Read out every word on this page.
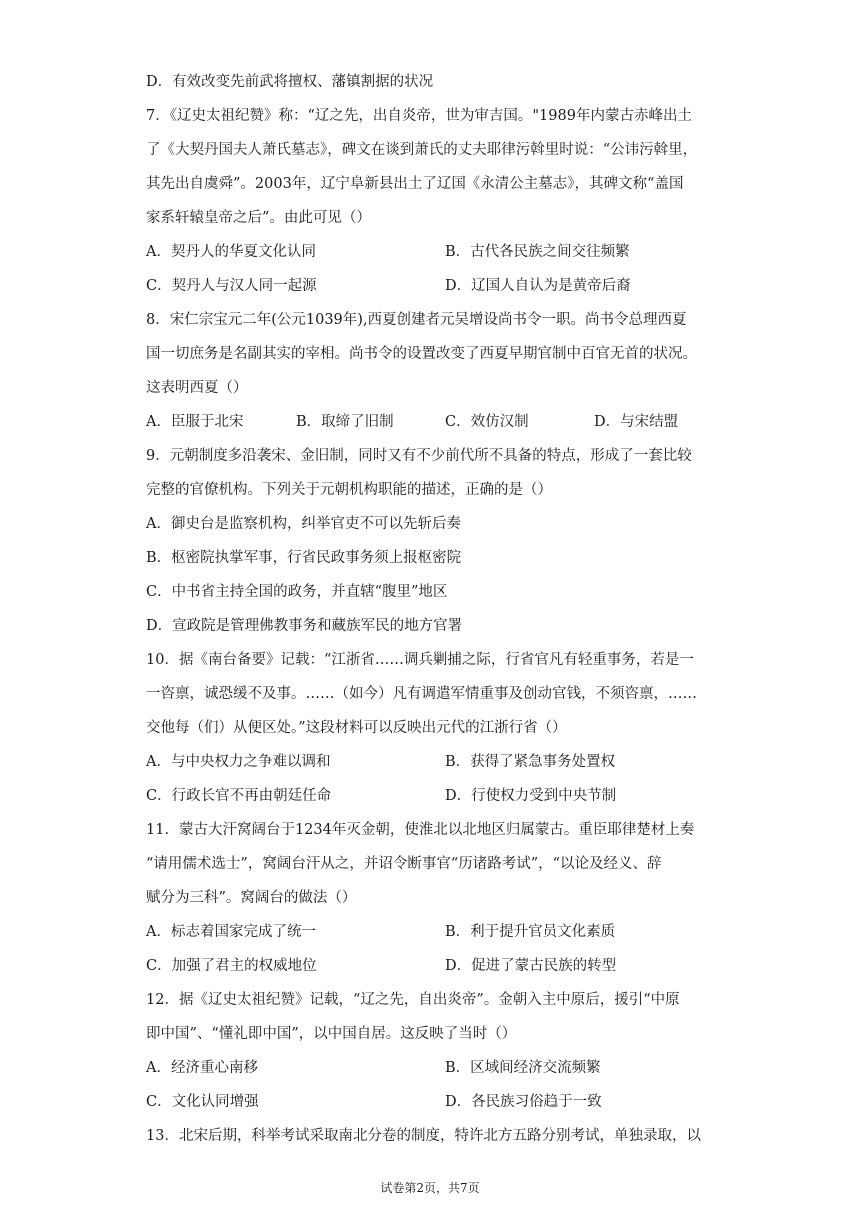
D．有效改变先前武将擅权、藩镇割据的状况
7．《辽史太祖纪赞》称：“辽之先，出自炎帝，世为审吉国。"1989年内蒙古赤峰出土
了《大契丹国夫人萧氏墓志》，碑文在谈到萧氏的丈夫耶律污斡里时说：“公讳污斡里，
其先出自虞舜”。2003年，辽宁阜新县出土了辽国《永清公主墓志》，其碑文称“盖国
家系轩辕皇帝之后”。由此可见（）
A．契丹人的华夏文化认同	B．古代各民族之间交往频繁
C．契丹人与汉人同一起源	D．辽国人自认为是黄帝后裔
8．宋仁宗宝元二年(公元1039年),西夏创建者元吴增设尚书令一职。尚书令总理西夏
国一切庶务是名副其实的宰相。尚书令的设置改变了西夏早期官制中百官无首的状况。
这表明西夏（）
A．臣服于北宋	B．取缔了旧制	C．效仿汉制	D．与宋结盟
9．元朝制度多沿袭宋、金旧制，同时又有不少前代所不具备的特点，形成了一套比较
完整的官僚机构。下列关于元朝机构职能的描述，正确的是（）
A．御史台是监察机构，纠举官吏不可以先斩后奏
B．枢密院执掌军事，行省民政事务须上报枢密院
C．中书省主持全国的政务，并直辖“腹里”地区
D．宣政院是管理佛教事务和藏族军民的地方官署
10．据《南台备要》记载：“江浙省……调兵剿捕之际，行省官凡有轻重事务，若是一
一咨禀，诚恐缓不及事。……（如今）凡有调遣军情重事及创动官钱，不须咨禀，……
交他每（们）从便区处。”这段材料可以反映出元代的江浙行省（）
A．与中央权力之争难以调和	B．获得了紧急事务处置权
C．行政长官不再由朝廷任命	D．行使权力受到中央节制
11．蒙古大汗窝阔台于1234年灭金朝，使淮北以北地区归属蒙古。重臣耶律楚材上奏
“请用儒术选士”，窝阔台汗从之，并诏令断事官“历诸路考试”，“以论及经义、辞
赋分为三科”。窝阔台的做法（）
A．标志着国家完成了统一	B．利于提升官员文化素质
C．加强了君主的权威地位	D．促进了蒙古民族的转型
12．据《辽史太祖纪赞》记载，“辽之先，自出炎帝”。金朝入主中原后，援引“中原
即中国”、“懂礼即中国”，以中国自居。这反映了当时（）
A．经济重心南移	B．区域间经济交流频繁
C．文化认同增强	D．各民族习俗趋于一致
13．北宋后期，科举考试采取南北分卷的制度，特许北方五路分别考试，单独录取，以
试卷第2页，共7页
